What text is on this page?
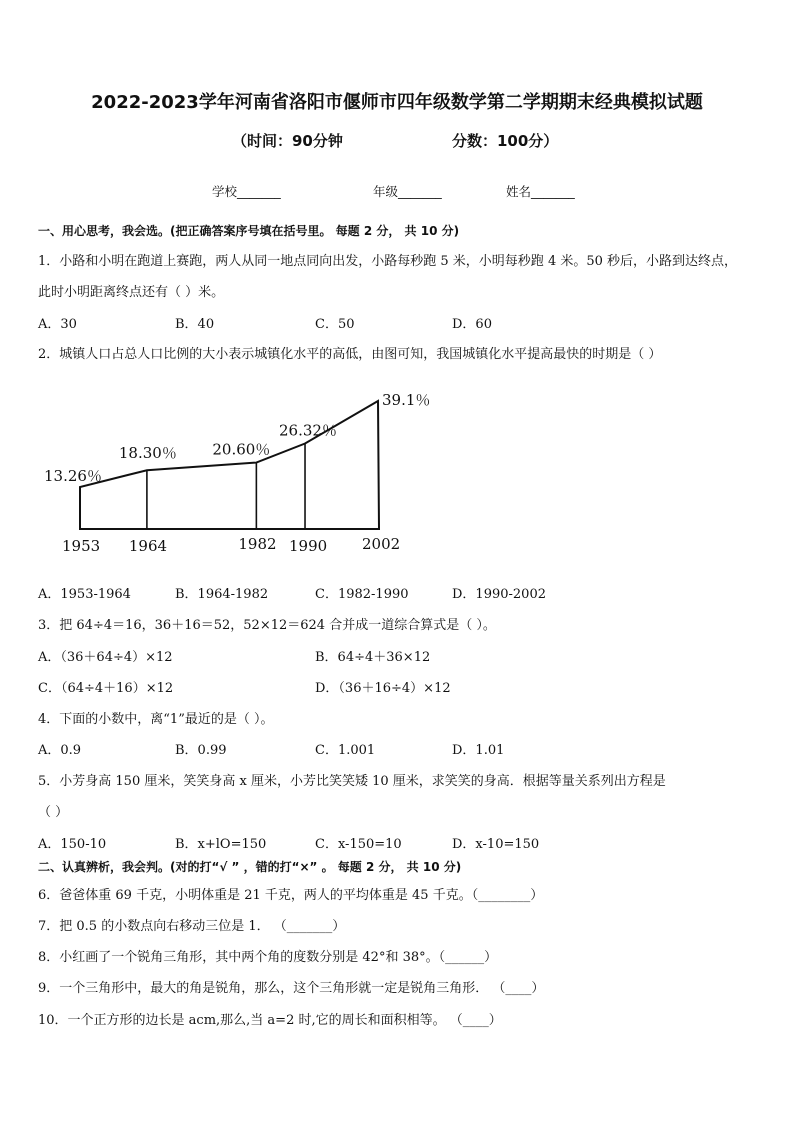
2022-2023学年河南省洛阳市偃师市四年级数学第二学期期末经典模拟试题
（时间：90分钟	分数：100分）
学校_______	年级_______	姓名_______
一、用心思考，我会选。(把正确答案序号填在括号里。 每题 2 分， 共 10 分)
1．小路和小明在跑道上赛跑，两人从同一地点同向出发，小路每秒跑 5 米，小明每秒跑 4 米。50 秒后，小路到达终点，
此时小明距离终点还有（ ）米。
A．30	B．40	C．50	D．60
2．城镇人口占总人口比例的大小表示城镇化水平的高低，由图可知，我国城镇化水平提高最快的时期是（ ）
13.26％
18.30％ 20.60％
26.32％
39.1％
1953 1964	1982 1990 2002
A．1953-1964	B．1964-1982	C．1982-1990	D．1990-2002
3．把 64÷4＝16，36＋16＝52，52×12＝624 合并成一道综合算式是（ ）。
A．（36＋64÷4）×12	B．64÷4＋36×12
C．（64÷4＋16）×12	D．（36＋16÷4）×12
4．下面的小数中，离“1”最近的是（ ）。
A．0.9	B．0.99	C．1.001	D．1.01
5．小芳身高 150 厘米，笑笑身高 x 厘米，小芳比笑笑矮 10 厘米，求笑笑的身高．根据等量关系列出方程是
（ ）
A．150-10	B．x+lO=150	C．x-150=10	D．x-10=150
二、认真辨析，我会判。(对的打“√ ” ，错的打“×” 。 每题 2 分， 共 10 分)
6．爸爸体重 69 千克，小明体重是 21 千克，两人的平均体重是 45 千克。（________）
7．把 0.5 的小数点向右移动三位是 1． （_______）
8．小红画了一个锐角三角形，其中两个角的度数分别是 42°和 38°。（______）
9．一个三角形中，最大的角是锐角，那么，这个三角形就一定是锐角三角形． （____）
10．一个正方形的边长是 acm,那么,当 a=2 时,它的周长和面积相等。 （____）
